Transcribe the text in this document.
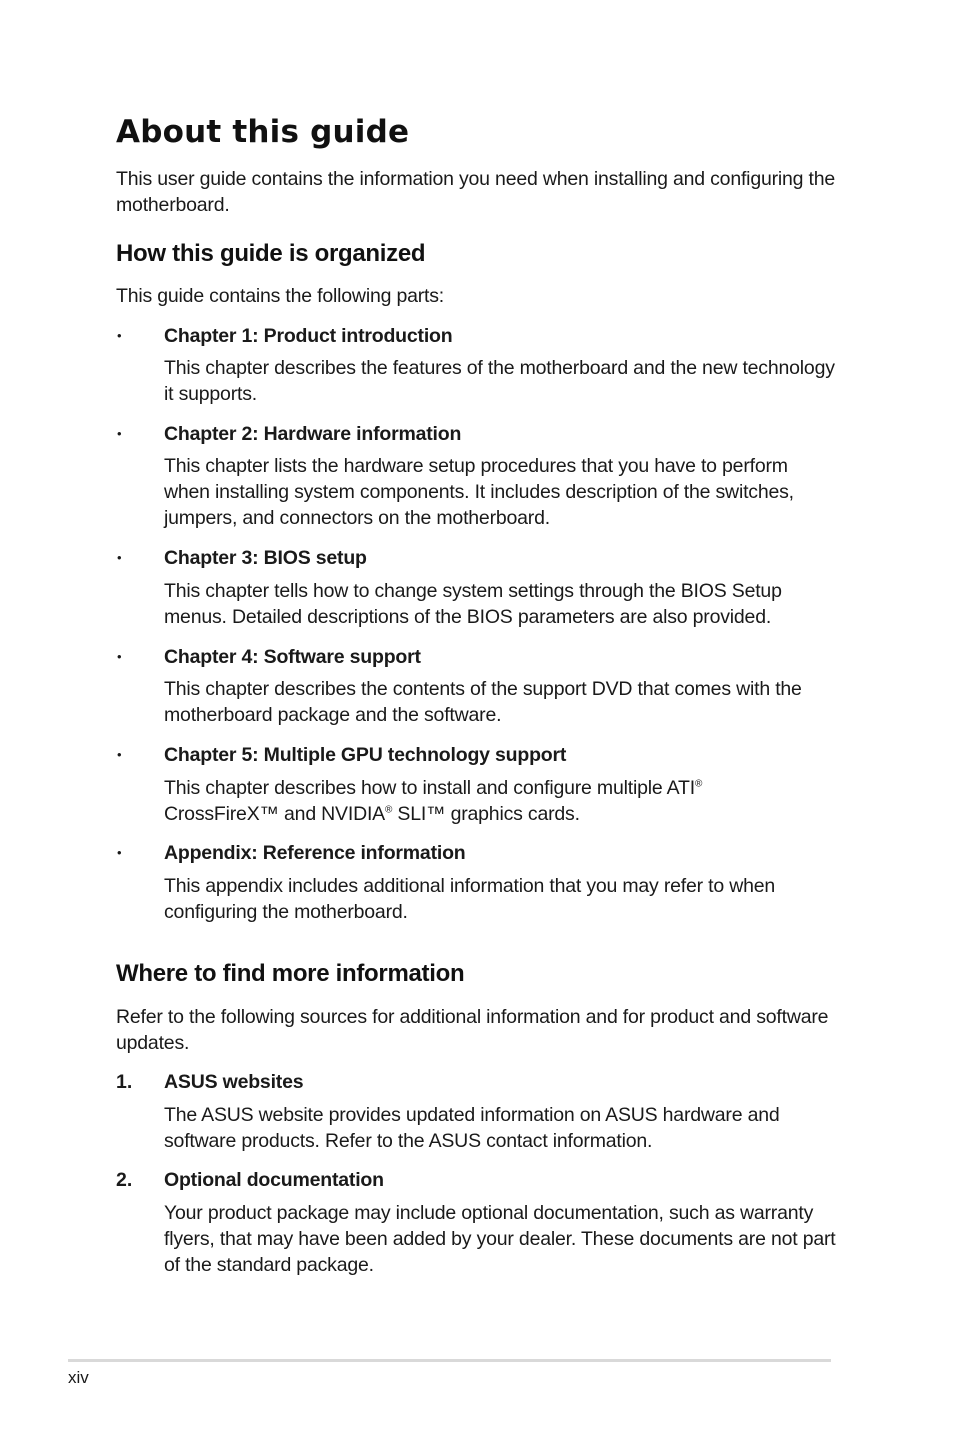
About this guide

This user guide contains the information you need when installing and configuring the motherboard.

How this guide is organized

This guide contains the following parts:

• Chapter 1: Product introduction

This chapter describes the features of the motherboard and the new technology it supports.

• Chapter 2: Hardware information

This chapter lists the hardware setup procedures that you have to perform when installing system components. It includes description of the switches, jumpers, and connectors on the motherboard.

• Chapter 3: BIOS setup

This chapter tells how to change system settings through the BIOS Setup menus. Detailed descriptions of the BIOS parameters are also provided.

• Chapter 4: Software support

This chapter describes the contents of the support DVD that comes with the motherboard package and the software.

• Chapter 5: Multiple GPU technology support

This chapter describes how to install and configure multiple ATI®
CrossFireX™ and NVIDIA® SLI™ graphics cards.

• Appendix: Reference information

This appendix includes additional information that you may refer to when configuring the motherboard.

Where to find more information

Refer to the following sources for additional information and for product and software updates.

1. ASUS websites

The ASUS website provides updated information on ASUS hardware and software products. Refer to the ASUS contact information.

2. Optional documentation

Your product package may include optional documentation, such as warranty flyers, that may have been added by your dealer. These documents are not part of the standard package.

xiv
